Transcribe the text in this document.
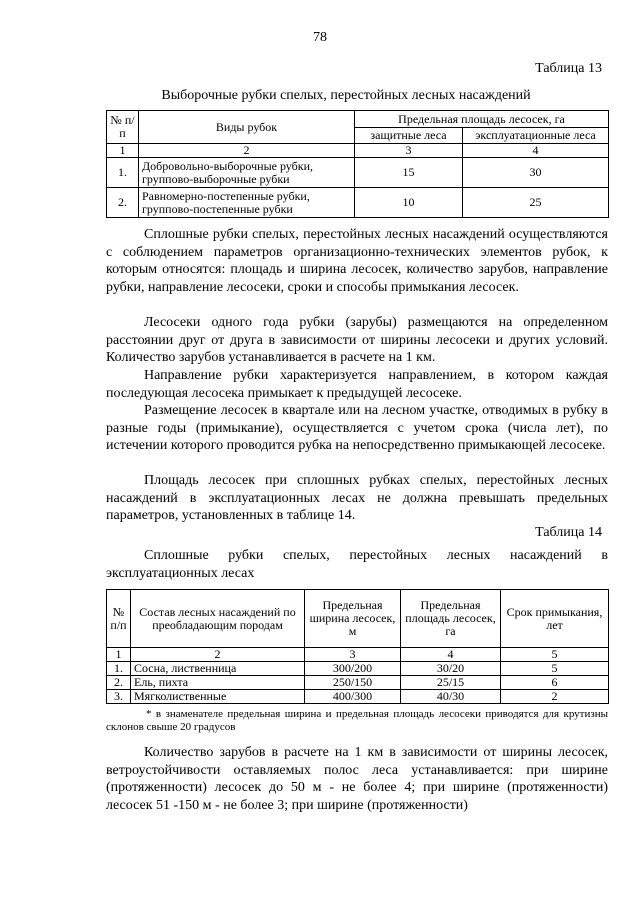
78
Таблица 13
Выборочные рубки спелых, перестойных лесных насаждений
№ п/п	Виды рубок	Предельная площадь лесосек, га	
		защитные леса	эксплуатационные леса
1	2	3	4
1.	Добровольно-выборочные рубки, группово-выборочные рубки	15	30
2.	Равномерно-постепенные рубки, группово-постепенные рубки	10	25

Сплошные рубки спелых, перестойных лесных насаждений осуществляются с соблюдением параметров организационно-технических элементов рубок, к которым относятся: площадь и ширина лесосек, количество зарубов, направление рубки, направление лесосеки, сроки и способы примыкания лесосек.

Лесосеки одного года рубки (зарубы) размещаются на определенном расстоянии друг от друга в зависимости от ширины лесосеки и других условий. Количество зарубов устанавливается в расчете на 1 км.

Направление рубки характеризуется направлением, в котором каждая последующая лесосека примыкает к предыдущей лесосеке.

Размещение лесосек в квартале или на лесном участке, отводимых в рубку в разные годы (примыкание), осуществляется с учетом срока (числа лет), по истечении которого проводится рубка на непосредственно примыкающей лесосеке.

Площадь лесосек при сплошных рубках спелых, перестойных лесных насаждений в эксплуатационных лесах не должна превышать предельных параметров, установленных в таблице 14.

Таблица 14

Сплошные рубки спелых, перестойных лесных насаждений в эксплуатационных лесах

№ п/п	Состав лесных насаждений по преобладающим породам	Предельная ширина лесосек, м	Предельная площадь лесосек, га	Срок примыкания, лет
1	2	3	4	5
1.	Сосна, лиственница	300/200	30/20	5
2.	Ель, пихта	250/150	25/15	6
3.	Мягколиственные	400/300	40/30	2
* в знаменателе предельная ширина и предельная площадь лесосеки приводятся для крутизны склонов свыше 20 градусов

Количество зарубов в расчете на 1 км в зависимости от ширины лесосек, ветроустойчивости оставляемых полос леса устанавливается: при ширине (протяженности) лесосек до 50 м - не более 4; при ширине (протяженности) лесосек 51 -150 м - не более 3; при ширине (протяженности)
